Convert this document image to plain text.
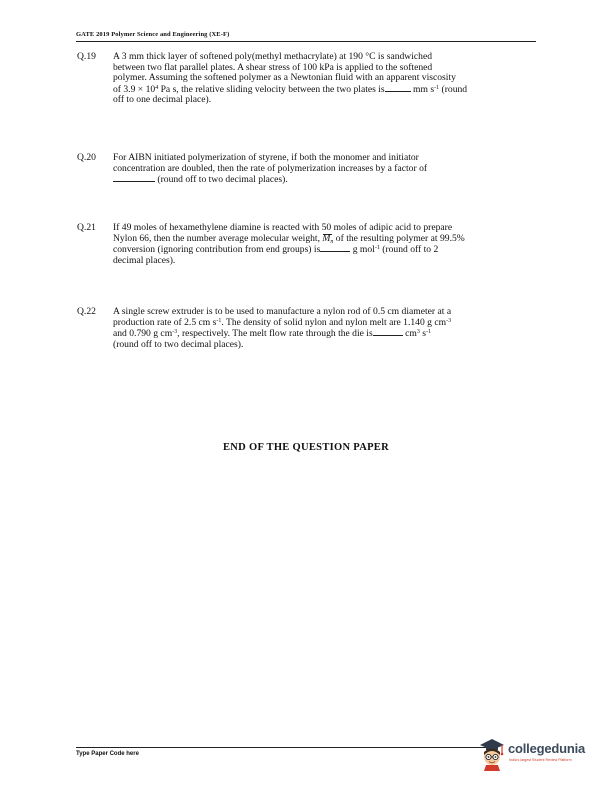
GATE 2019 Polymer Science and Engineering (XE-F)
Q.19 A 3 mm thick layer of softened poly(methyl methacrylate) at 190 °C is sandwiched
between two flat parallel plates. A shear stress of 100 kPa is applied to the softened
polymer. Assuming the softened polymer as a Newtonian fluid with an apparent viscosity
of $3.9 \times 10^4$ Pa s, the relative sliding velocity between the two plates is	mm $s^{-1}$ (round
off to one decimal place).
Q.20 For AIBN initiated polymerization of styrene, if both the monomer and initiator
concentration are doubled, then the rate of polymerization increases by a factor of
(round off to two decimal places).
Q.21 If 49 moles of hexamethylene diamine is reacted with 50 moles of adipic acid to prepare
Nylon 66, then the number average molecular weight, $M_n$ of the resulting polymer at 99.5%
conversion (ignoring contribution from end groups) is	g mol$^{-1}$ (round off to 2
decimal places).
Q.22 A single screw extruder is to be used to manufacture a nylon rod of 0.5 cm diameter at a
production rate of 2.5 cm $s^{-1}$. The density of solid nylon and nylon melt are 1.140 g $cm^{-3}$
and 0.790 g $cm^{-3}$, respectively. The melt flow rate through the die is	$cm^3$ $s^{-1}$
(round off to two decimal places).
END OF THE QUESTION PAPER
Type Paper Code here	collegedunia
India's largest Student Review Platform
